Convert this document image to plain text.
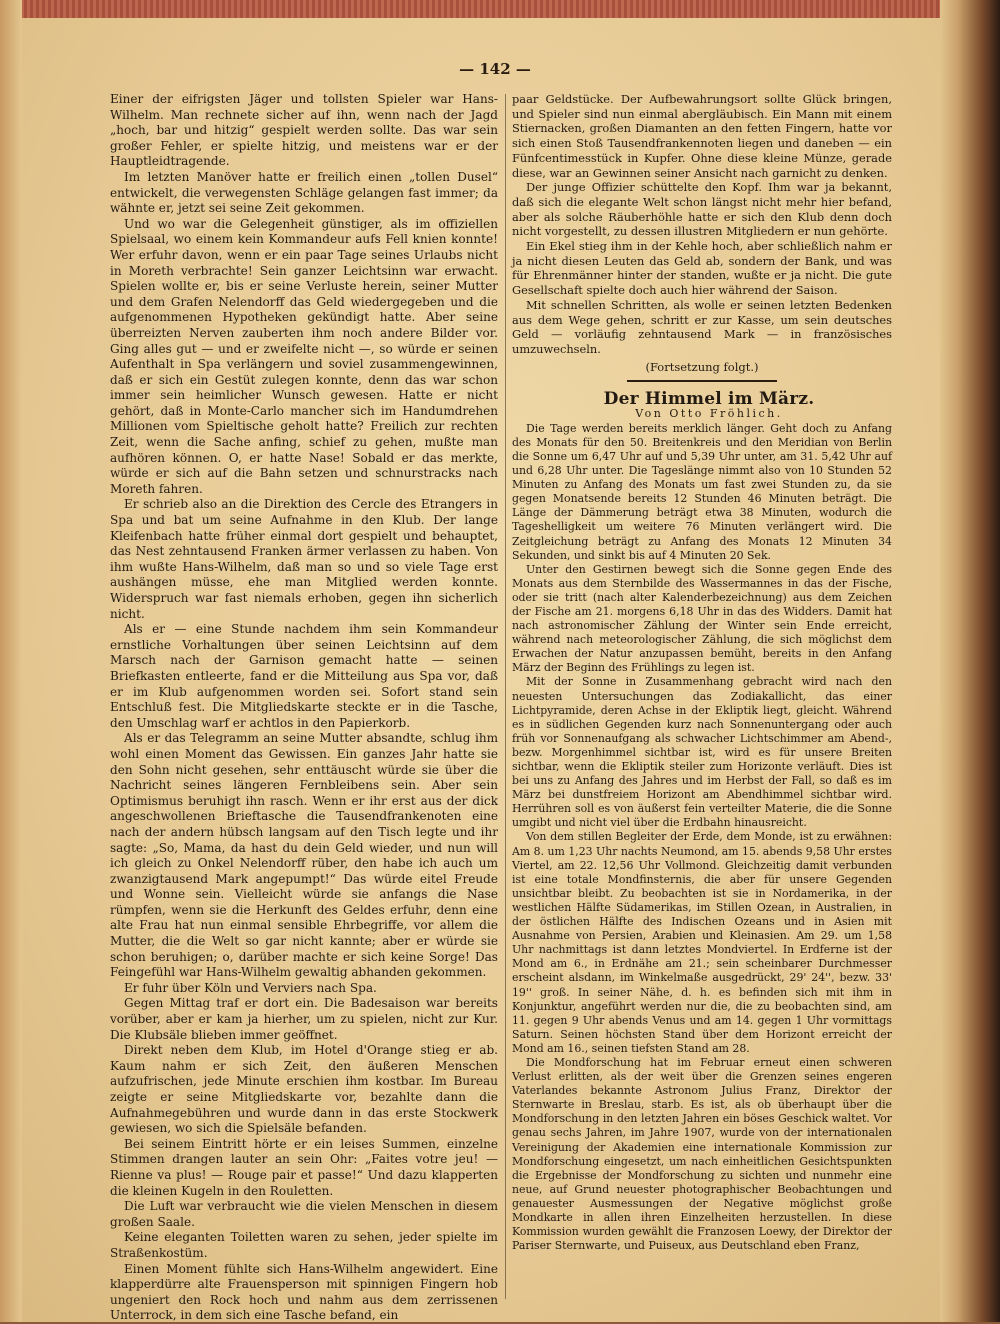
— 142 —

Einer der eifrigsten Jäger und tollsten Spieler war Hans-Wilhelm. Man rechnete sicher auf ihn, wenn nach der Jagd „hoch, bar und hitzig“ gespielt werden sollte. Das war sein großer Fehler, er spielte hitzig, und meistens war er der Hauptleidtragende.

Im letzten Manöver hatte er freilich einen „tollen Dusel“ entwickelt, die verwegensten Schläge gelangen fast immer; da wähnte er, jetzt sei seine Zeit gekommen.

Und wo war die Gelegenheit günstiger, als im offiziellen Spielsaal, wo einem kein Kommandeur aufs Fell knien konnte! Wer erfuhr davon, wenn er ein paar Tage seines Urlaubs nicht in Moreth verbrachte! Sein ganzer Leichtsinn war erwacht. Spielen wollte er, bis er seine Verluste herein, seiner Mutter und dem Grafen Nelendorff das Geld wiedergegeben und die aufgenommenen Hypotheken gekündigt hatte. Aber seine überreizten Nerven zauberten ihm noch andere Bilder vor. Ging alles gut — und er zweifelte nicht —, so würde er seinen Aufenthalt in Spa verlängern und soviel zusammengewinnen, daß er sich ein Gestüt zulegen konnte, denn das war schon immer sein heimlicher Wunsch gewesen. Hatte er nicht gehört, daß in Monte-Carlo mancher sich im Handumdrehen Millionen vom Spieltische geholt hatte? Freilich zur rechten Zeit, wenn die Sache anfing, schief zu gehen, mußte man aufhören können. O, er hatte Nase! Sobald er das merkte, würde er sich auf die Bahn setzen und schnurstracks nach Moreth fahren.

Er schrieb also an die Direktion des Cercle des Etrangers in Spa und bat um seine Aufnahme in den Klub. Der lange Kleifenbach hatte früher einmal dort gespielt und behauptet, das Nest zehntausend Franken ärmer verlassen zu haben. Von ihm wußte Hans-Wilhelm, daß man so und so viele Tage erst aushängen müsse, ehe man Mitglied werden konnte. Widerspruch war fast niemals erhoben, gegen ihn sicherlich nicht.

Als er — eine Stunde nachdem ihm sein Kommandeur ernstliche Vorhaltungen über seinen Leichtsinn auf dem Marsch nach der Garnison gemacht hatte — seinen Briefkasten entleerte, fand er die Mitteilung aus Spa vor, daß er im Klub aufgenommen worden sei. Sofort stand sein Entschluß fest. Die Mitgliedskarte steckte er in die Tasche, den Umschlag warf er achtlos in den Papierkorb.

Als er das Telegramm an seine Mutter absandte, schlug ihm wohl einen Moment das Gewissen. Ein ganzes Jahr hatte sie den Sohn nicht gesehen, sehr enttäuscht würde sie über die Nachricht seines längeren Fernbleibens sein. Aber sein Optimismus beruhigt ihn rasch. Wenn er ihr erst aus der dick angeschwollenen Brieftasche die Tausendfrankenoten eine nach der andern hübsch langsam auf den Tisch legte und ihr sagte: „So, Mama, da hast du dein Geld wieder, und nun will ich gleich zu Onkel Nelendorff rüber, den habe ich auch um zwanzigtausend Mark angepumpt!“ Das würde eitel Freude und Wonne sein. Vielleicht würde sie anfangs die Nase rümpfen, wenn sie die Herkunft des Geldes erfuhr, denn eine alte Frau hat nun einmal sensible Ehrbegriffe, vor allem die Mutter, die die Welt so gar nicht kannte; aber er würde sie schon beruhigen; o, darüber machte er sich keine Sorge! Das Feingefühl war Hans-Wilhelm gewaltig abhanden gekommen.

Er fuhr über Köln und Verviers nach Spa.

Gegen Mittag traf er dort ein. Die Badesaison war bereits vorüber, aber er kam ja hierher, um zu spielen, nicht zur Kur. Die Klubsäle blieben immer geöffnet.

Direkt neben dem Klub, im Hotel d'Orange stieg er ab. Kaum nahm er sich Zeit, den äußeren Menschen aufzufrischen, jede Minute erschien ihm kostbar. Im Bureau zeigte er seine Mitgliedskarte vor, bezahlte dann die Aufnahmegebühren und wurde dann in das erste Stockwerk gewiesen, wo sich die Spielsäle befanden.

Bei seinem Eintritt hörte er ein leises Summen, einzelne Stimmen drangen lauter an sein Ohr: „Faites votre jeu! — Rienne va plus! — Rouge pair et passe!“ Und dazu klapperten die kleinen Kugeln in den Rouletten.

Die Luft war verbraucht wie die vielen Menschen in diesem großen Saale.

Keine eleganten Toiletten waren zu sehen, jeder spielte im Straßenkostüm.

Einen Moment fühlte sich Hans-Wilhelm angewidert. Eine klapperdürre alte Frauensperson mit spinnigen Fingern hob ungeniert den Rock hoch und nahm aus dem zerrissenen Unterrock, in dem sich eine Tasche befand, ein

paar Geldstücke. Der Aufbewahrungsort sollte Glück bringen, und Spieler sind nun einmal abergläubisch. Ein Mann mit einem Stiernacken, großen Diamanten an den fetten Fingern, hatte vor sich einen Stoß Tausendfrankennoten liegen und daneben — ein Fünfcentimesstück in Kupfer. Ohne diese kleine Münze, gerade diese, war an Gewinnen seiner Ansicht nach garnicht zu denken.

Der junge Offizier schüttelte den Kopf. Ihm war ja bekannt, daß sich die elegante Welt schon längst nicht mehr hier befand, aber als solche Räuberhöhle hatte er sich den Klub denn doch nicht vorgestellt, zu dessen illustren Mitgliedern er nun gehörte.

Ein Ekel stieg ihm in der Kehle hoch, aber schließlich nahm er ja nicht diesen Leuten das Geld ab, sondern der Bank, und was für Ehrenmänner hinter der standen, wußte er ja nicht. Die gute Gesellschaft spielte doch auch hier während der Saison.

Mit schnellen Schritten, als wolle er seinen letzten Bedenken aus dem Wege gehen, schritt er zur Kasse, um sein deutsches Geld — vorläufig zehntausend Mark — in französisches umzuwechseln.

(Fortsetzung folgt.)

Der Himmel im März.

Von Otto Fröhlich.

Die Tage werden bereits merklich länger. Geht doch zu Anfang des Monats für den 50. Breitenkreis und den Meridian von Berlin die Sonne um 6,47 Uhr auf und 5,39 Uhr unter, am 31. 5,42 Uhr auf und 6,28 Uhr unter. Die Tageslänge nimmt also von 10 Stunden 52 Minuten zu Anfang des Monats um fast zwei Stunden zu, da sie gegen Monatsende bereits 12 Stunden 46 Minuten beträgt. Die Länge der Dämmerung beträgt etwa 38 Minuten, wodurch die Tageshelligkeit um weitere 76 Minuten verlängert wird. Die Zeitgleichung beträgt zu Anfang des Monats 12 Minuten 34 Sekunden, und sinkt bis auf 4 Minuten 20 Sek.

Unter den Gestirnen bewegt sich die Sonne gegen Ende des Monats aus dem Sternbilde des Wassermannes in das der Fische, oder sie tritt (nach alter Kalenderbezeichnung) aus dem Zeichen der Fische am 21. morgens 6,18 Uhr in das des Widders. Damit hat nach astronomischer Zählung der Winter sein Ende erreicht, während nach meteorologischer Zählung, die sich möglichst dem Erwachen der Natur anzupassen bemüht, bereits in den Anfang März der Beginn des Frühlings zu legen ist.

Mit der Sonne in Zusammenhang gebracht wird nach den neuesten Untersuchungen das Zodiakallicht, das einer Lichtpyramide, deren Achse in der Ekliptik liegt, gleicht. Während es in südlichen Gegenden kurz nach Sonnenuntergang oder auch früh vor Sonnenaufgang als schwacher Lichtschimmer am Abend-, bezw. Morgenhimmel sichtbar ist, wird es für unsere Breiten sichtbar, wenn die Ekliptik steiler zum Horizonte verläuft. Dies ist bei uns zu Anfang des Jahres und im Herbst der Fall, so daß es im März bei dunstfreiem Horizont am Abendhimmel sichtbar wird. Herrühren soll es von äußerst fein verteilter Materie, die die Sonne umgibt und nicht viel über die Erdbahn hinausreicht.

Von dem stillen Begleiter der Erde, dem Monde, ist zu erwähnen: Am 8. um 1,23 Uhr nachts Neumond, am 15. abends 9,58 Uhr erstes Viertel, am 22. 12,56 Uhr Vollmond. Gleichzeitig damit verbunden ist eine totale Mondfinsternis, die aber für unsere Gegenden unsichtbar bleibt. Zu beobachten ist sie in Nordamerika, in der westlichen Hälfte Südamerikas, im Stillen Ozean, in Australien, in der östlichen Hälfte des Indischen Ozeans und in Asien mit Ausnahme von Persien, Arabien und Kleinasien. Am 29. um 1,58 Uhr nachmittags ist dann letztes Mondviertel. In Erdferne ist der Mond am 6., in Erdnähe am 21.; sein scheinbarer Durchmesser erscheint alsdann, im Winkelmaße ausgedrückt, 29' 24'', bezw. 33' 19'' groß. In seiner Nähe, d. h. es befinden sich mit ihm in Konjunktur, angeführt werden nur die, die zu beobachten sind, am 11. gegen 9 Uhr abends Venus und am 14. gegen 1 Uhr vormittags Saturn. Seinen höchsten Stand über dem Horizont erreicht der Mond am 16., seinen tiefsten Stand am 28.

Die Mondforschung hat im Februar erneut einen schweren Verlust erlitten, als der weit über die Grenzen seines engeren Vaterlandes bekannte Astronom Julius Franz, Direktor der Sternwarte in Breslau, starb. Es ist, als ob überhaupt über die Mondforschung in den letzten Jahren ein böses Geschick waltet. Vor genau sechs Jahren, im Jahre 1907, wurde von der internationalen Vereinigung der Akademien eine internationale Kommission zur Mondforschung eingesetzt, um nach einheitlichen Gesichtspunkten die Ergebnisse der Mondforschung zu sichten und nunmehr eine neue, auf Grund neuester photographischer Beobachtungen und genauester Ausmessungen der Negative möglichst große Mondkarte in allen ihren Einzelheiten herzustellen. In diese Kommission wurden gewählt die Franzosen Loewy, der Direktor der Pariser Sternwarte, und Puiseux, aus Deutschland eben Franz,
